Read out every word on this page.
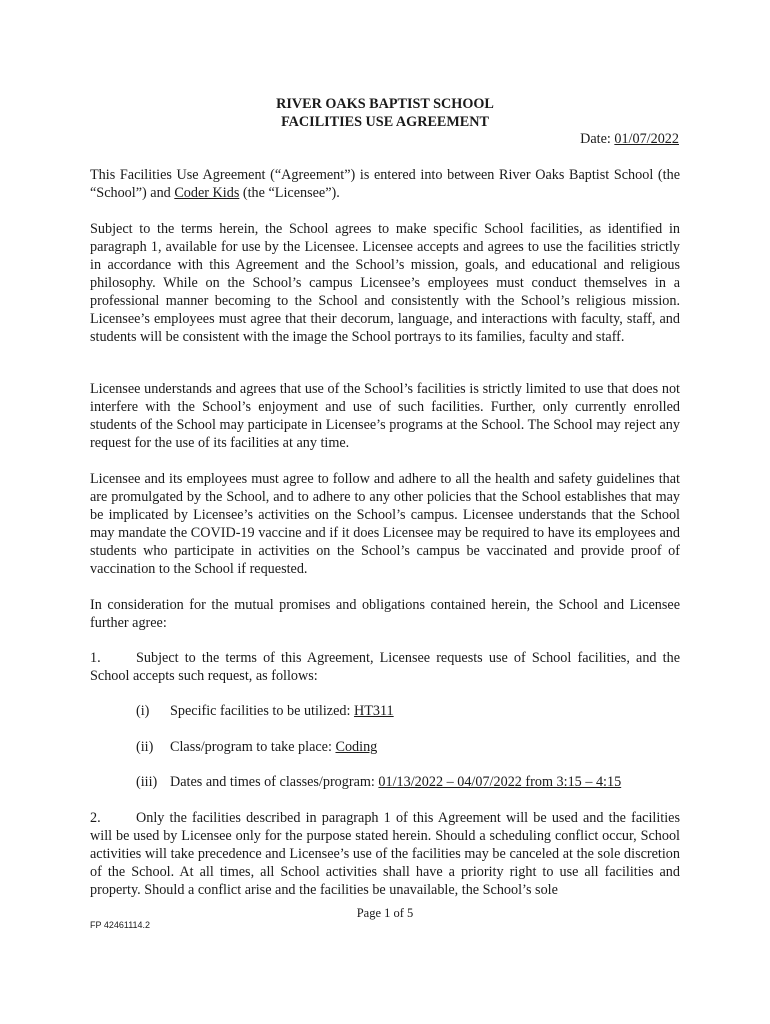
RIVER OAKS BAPTIST SCHOOL
FACILITIES USE AGREEMENT
Date: 01/07/2022

This Facilities Use Agreement (“Agreement”) is entered into between River Oaks Baptist School (the “School”) and Coder Kids (the “Licensee”).

Subject to the terms herein, the School agrees to make specific School facilities, as identified in paragraph 1, available for use by the Licensee. Licensee accepts and agrees to use the facilities strictly in accordance with this Agreement and the School’s mission, goals, and educational and religious philosophy. While on the School’s campus Licensee’s employees must conduct themselves in a professional manner becoming to the School and consistently with the School’s religious mission. Licensee’s employees must agree that their decorum, language, and interactions with faculty, staff, and students will be consistent with the image the School portrays to its families, faculty and staff.

Licensee understands and agrees that use of the School’s facilities is strictly limited to use that does not interfere with the School’s enjoyment and use of such facilities. Further, only currently enrolled students of the School may participate in Licensee’s programs at the School. The School may reject any request for the use of its facilities at any time.

Licensee and its employees must agree to follow and adhere to all the health and safety guidelines that are promulgated by the School, and to adhere to any other policies that the School establishes that may be implicated by Licensee’s activities on the School’s campus. Licensee understands that the School may mandate the COVID-19 vaccine and if it does Licensee may be required to have its employees and students who participate in activities on the School’s campus be vaccinated and provide proof of vaccination to the School if requested.

In consideration for the mutual promises and obligations contained herein, the School and Licensee further agree:

1. Subject to the terms of this Agreement, Licensee requests use of School facilities, and the School accepts such request, as follows:

(i) Specific facilities to be utilized: HT311
(ii) Class/program to take place: Coding
(iii) Dates and times of classes/program: 01/13/2022 – 04/07/2022 from 3:15 – 4:15

2. Only the facilities described in paragraph 1 of this Agreement will be used and the facilities will be used by Licensee only for the purpose stated herein. Should a scheduling conflict occur, School activities will take precedence and Licensee’s use of the facilities may be canceled at the sole discretion of the School. At all times, all School activities shall have a priority right to use all facilities and property. Should a conflict arise and the facilities be unavailable, the School’s sole

Page 1 of 5
FP 42461114.2
